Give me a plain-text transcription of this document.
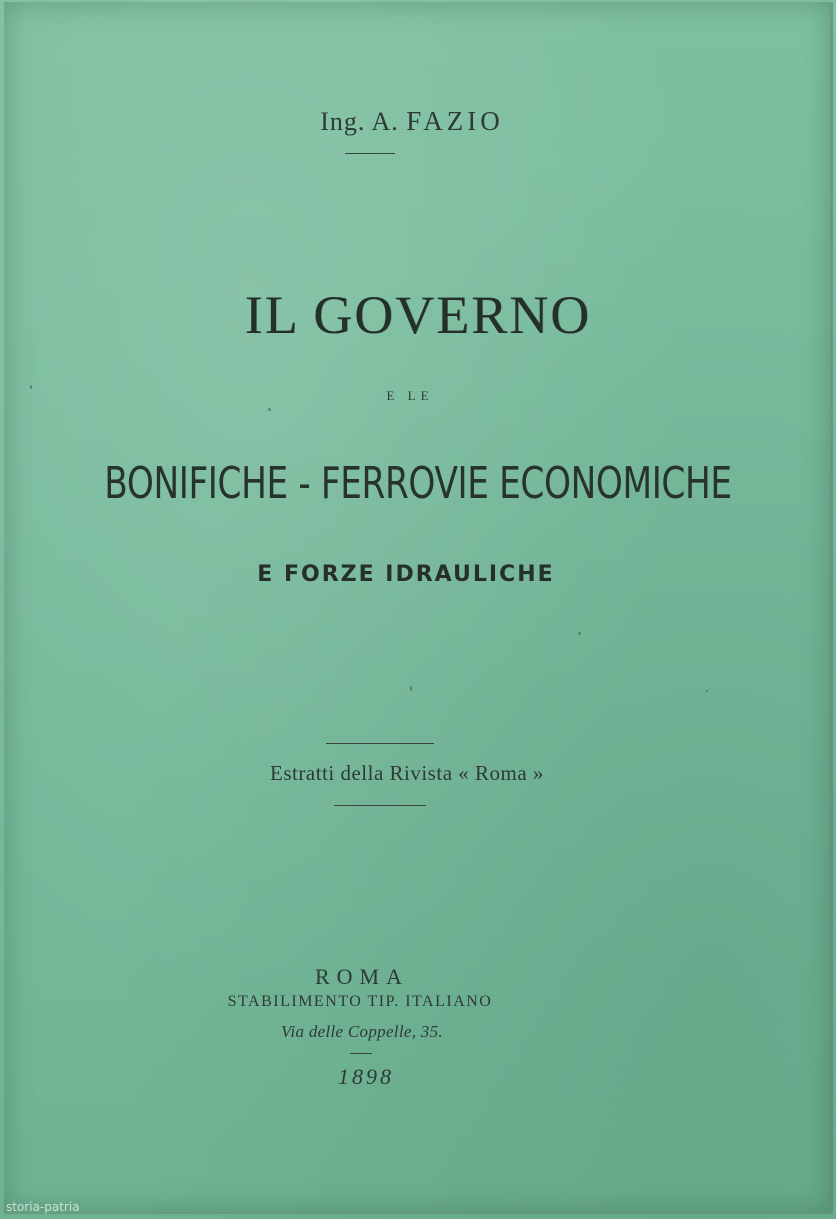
Ing. A. FAZIO
IL GOVERNO
E LE
BONIFICHE - FERROVIE ECONOMICHE
E FORZE IDRAULICHE
Estratti della Rivista « Roma »
ROMA
STABILIMENTO TIP. ITALIANO
Via delle Coppelle, 35.
1898
storia-patria
